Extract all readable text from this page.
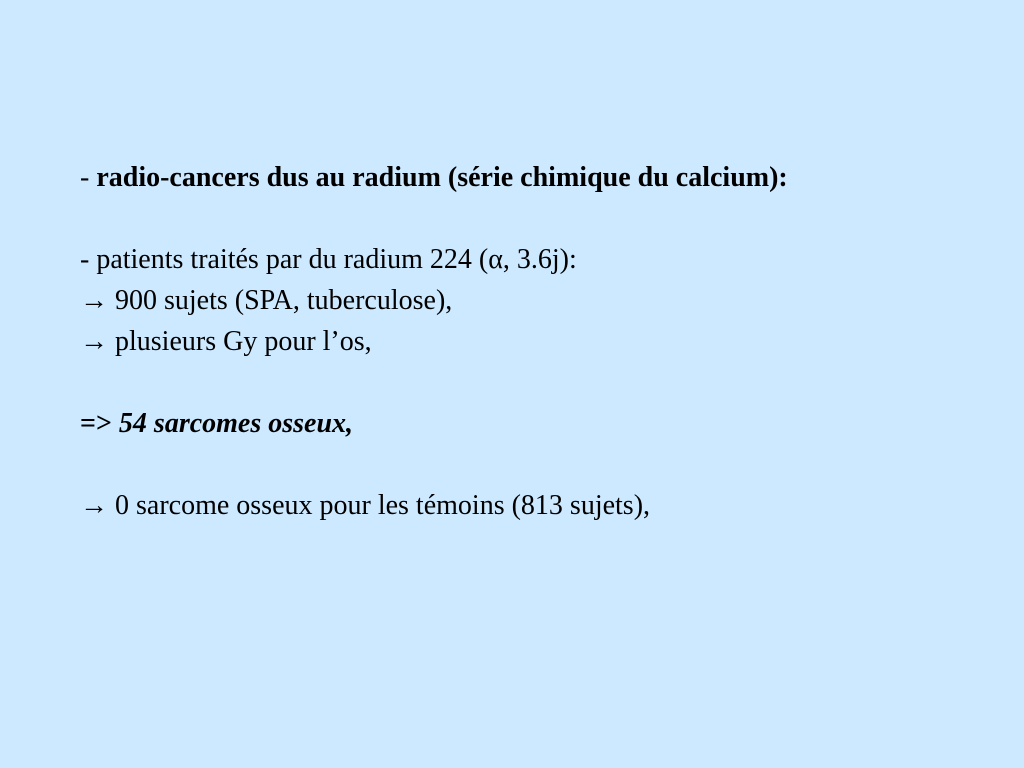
- radio-cancers dus au radium (série chimique du calcium):
- patients traités par du radium 224 (α, 3.6j):
→ 900 sujets (SPA, tuberculose),
→ plusieurs Gy pour l’os,
=> 54 sarcomes osseux,
→ 0 sarcome osseux pour les témoins (813 sujets),
